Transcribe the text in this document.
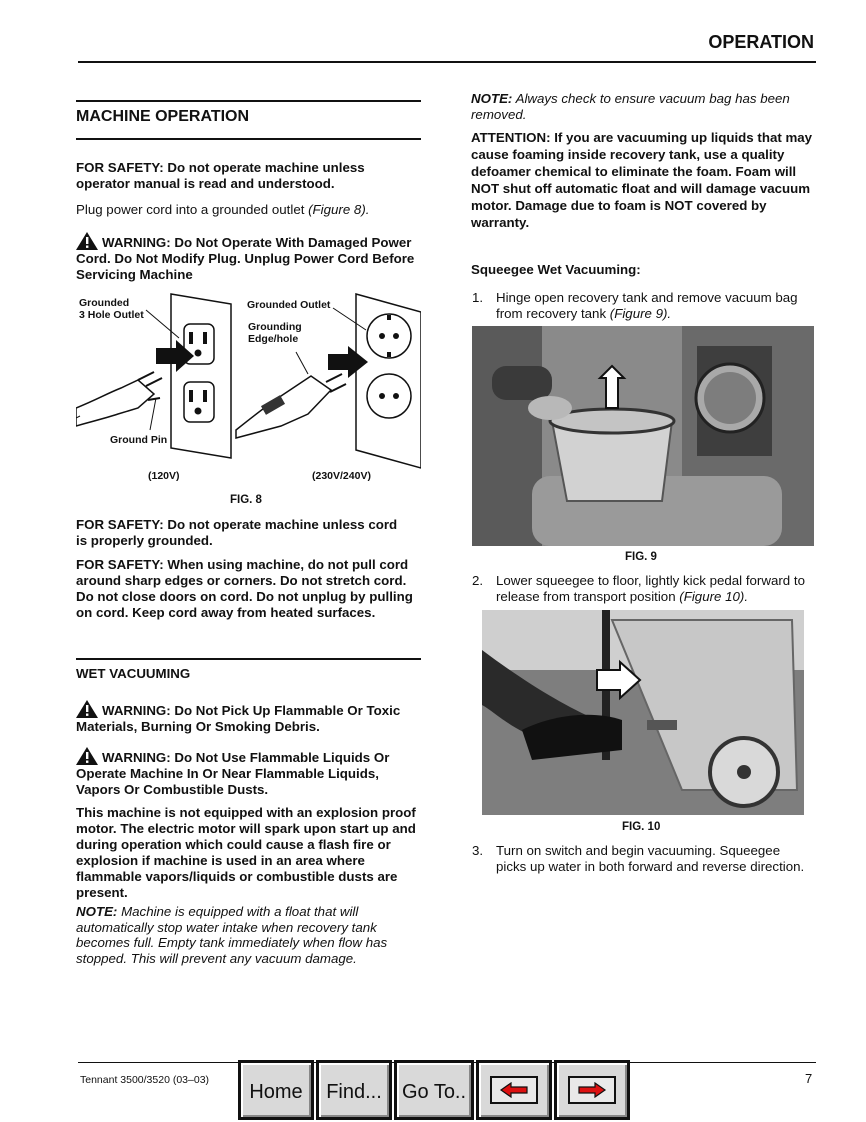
OPERATION
MACHINE OPERATION
FOR SAFETY: Do not operate machine unless operator manual is read and understood.
Plug power cord into a grounded outlet (Figure 8).
WARNING: Do Not Operate With Damaged Power Cord. Do Not Modify Plug. Unplug Power Cord Before Servicing Machine
Grounded
3 Hole Outlet
Grounded Outlet
Grounding
Edge/hole
Ground Pin
(120V)	(230V/240V)
FIG. 8
FOR SAFETY: Do not operate machine unless cord is properly grounded.
FOR SAFETY: When using machine, do not pull cord around sharp edges or corners. Do not stretch cord. Do not close doors on cord. Do not unplug by pulling on cord. Keep cord away from heated surfaces.
WET VACUUMING
WARNING: Do Not Pick Up Flammable Or Toxic Materials, Burning Or Smoking Debris.
WARNING: Do Not Use Flammable Liquids Or Operate Machine In Or Near Flammable Liquids, Vapors Or Combustible Dusts.
This machine is not equipped with an explosion proof motor. The electric motor will spark upon start up and during operation which could cause a flash fire or explosion if machine is used in an area where flammable vapors/liquids or combustible dusts are present.
NOTE: Machine is equipped with a float that will automatically stop water intake when recovery tank becomes full. Empty tank immediately when flow has stopped. This will prevent any vacuum damage.
NOTE: Always check to ensure vacuum bag has been removed.
ATTENTION: If you are vacuuming up liquids that may cause foaming inside recovery tank, use a quality defoamer chemical to eliminate the foam. Foam will NOT shut off automatic float and will damage vacuum motor. Damage due to foam is NOT covered by warranty.
Squeegee Wet Vacuuming:
1. Hinge open recovery tank and remove vacuum bag from recovery tank (Figure 9).
FIG. 9
2. Lower squeegee to floor, lightly kick pedal forward to release from transport position (Figure 10).
FIG. 10
3. Turn on switch and begin vacuuming. Squeegee picks up water in both forward and reverse direction.
Tennant 3500/3520 (03–03)	7
Home Find... Go To..
